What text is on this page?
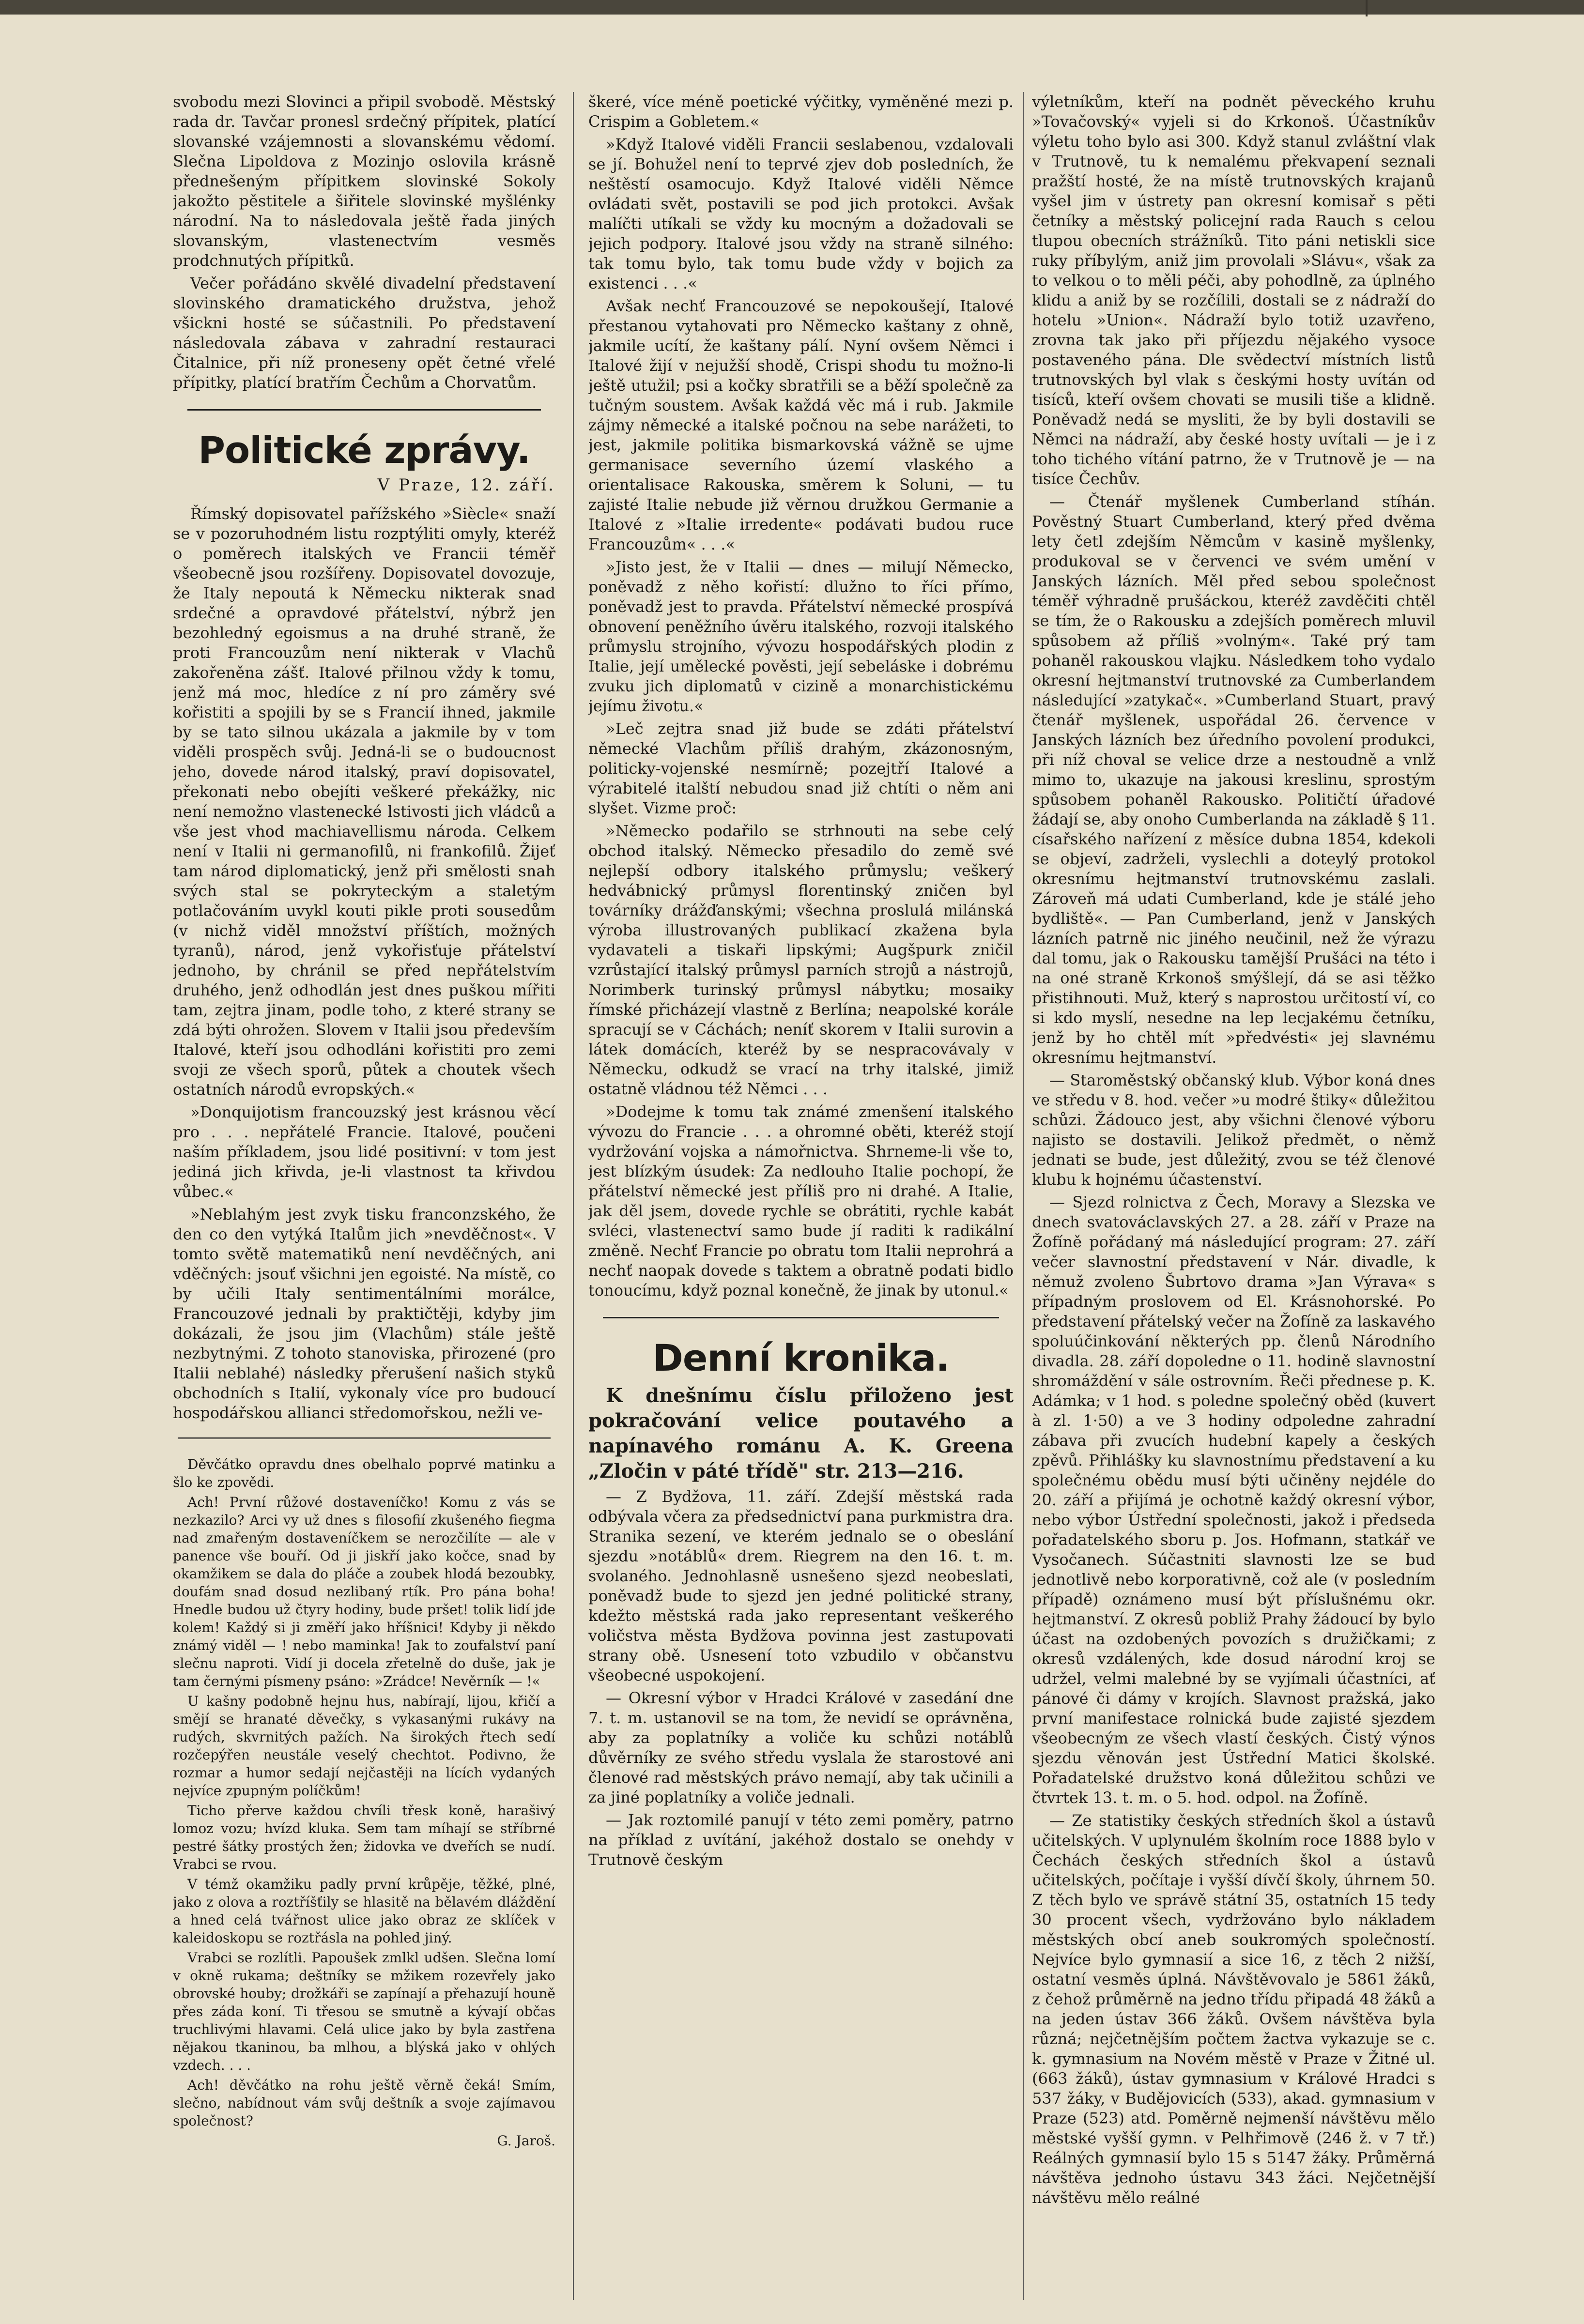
svobodu mezi Slovinci a připil svobodě. Městský rada dr. Tavčar pronesl srdečný přípitek, platící slovanské vzájemnosti a slovanskému vědomí. Slečna Lipoldova z Mozinjo oslovila krásně přednešeným přípitkem slovinské Sokoly jakožto pěstitele a šiřitele slovinské myšlénky národní. Na to následovala ještě řada jiných slovanským, vlastenectvím vesměs prodchnutých přípitků.

Večer pořádáno skvělé divadelní představení slovinského dramatického družstva, jehož všickni hosté se súčastnili. Po představení následovala zábava v zahradní restauraci Čitalnice, při níž proneseny opět četné vřelé přípitky, platící bratřím Čechům a Chorvatům.

Politické zprávy.
V Praze, 12. září.

Římský dopisovatel pařížského »Siècle« snaží se v pozoruhodném listu rozptýliti omyly, kteréž o poměrech italských ve Francii téměř všeobecně jsou rozšířeny. Dopisovatel dovozuje, že Italy nepoutá k Německu nikterak snad srdečné a opravdové přátelství, nýbrž jen bezohledný egoismus a na druhé straně, že proti Francouzům není nikterak v Vlachů zakořeněna zášť. Italové přilnou vždy k tomu, jenž má moc, hledíce z ní pro záměry své kořistiti a spojili by se s Francií ihned, jakmile by se tato silnou ukázala a jakmile by v tom viděli prospěch svůj. Jedná-li se o budoucnost jeho, dovede národ italský, praví dopisovatel, překonati nebo obejíti veškeré překážky, nic není nemožno vlastenecké lstivosti jich vládců a vše jest vhod machiavellismu národa. Celkem není v Italii ni germanofilů, ni frankofilů. Žijeť tam národ diplomatický, jenž při smělosti snah svých stal se pokryteckým a staletým potlačováním uvykl kouti pikle proti sousedům (v nichž viděl množství příštích, možných tyranů), národ, jenž vykořisťuje přátelství jednoho, by chránil se před nepřátelstvím druhého, jenž odhodlán jest dnes puškou mířiti tam, zejtra jinam, podle toho, z které strany se zdá býti ohrožen. Slovem v Italii jsou především Italové, kteří jsou odhodláni kořistiti pro zemi svoji ze všech sporů, půtek a choutek všech ostatních národů evropských.«

»Donquijotism francouzský jest krásnou věcí pro . . . nepřátelé Francie. Italové, poučeni naším příkladem, jsou lidé positivní: v tom jest jediná jich křivda, je-li vlastnost ta křivdou vůbec.«

»Neblahým jest zvyk tisku franconzského, že den co den vytýká Italům jich »nevděčnost«. V tomto světě matematiků není nevděčných, ani vděčných: jsouť všichni jen egoisté. Na místě, co by učili Italy sentimentálními morálce, Francouzové jednali by praktičtěji, kdyby jim dokázali, že jsou jim (Vlachům) stále ještě nezbytnými. Z tohoto stanoviska, přirozené (pro Italii neblahé) následky přerušení našich styků obchodních s Italií, vykonaly více pro budoucí hospodářskou allianci středomořskou, nežli ve-

Děvčátko opravdu dnes obelhalo poprvé matinku a šlo ke zpovědi.

Ach! První růžové dostaveníčko! Komu z vás se nezkazilo? Arci vy už dnes s filosofií zkušeného fiegma nad zmařeným dostaveníčkem se nerozčilíte — ale v panence vše bouří. Od ji jiskří jako kočce, snad by okamžikem se dala do pláče a zoubek hlodá bezoubky, doufám snad dosud nezlibaný rtík. Pro pána boha! Hnedle budou už čtyry hodiny, bude pršet! tolik lidí jde kolem! Každý si ji změří jako hříšnici! Kdyby ji někdo známý viděl — ! nebo maminka! Jak to zoufalství paní slečnu naproti. Vidí ji docela zřetelně do duše, jak je tam černými písmeny psáno: »Zrádce! Nevěrník — !«

U kašny podobně hejnu hus, nabírají, lijou, křičí a smějí se hranaté děvečky, s vykasanými rukávy na rudých, skvrnitých pažích. Na širokých řtech sedí rozčepýřen neustále veselý chechtot. Podivno, že rozmar a humor sedají nejčastěji na lících vydaných nejvíce zpupným políčkům!

Ticho přerve každou chvíli třesk koně, harašivý lomoz vozu; hvízd kluka. Sem tam míhají se stříbrné pestré šátky prostých žen; židovka ve dveřích se nudí. Vrabci se rvou.

V témž okamžiku padly první krůpěje, těžké, plné, jako z olova a roztříšťily se hlasitě na bělavém dláždění a hned celá tvářnost ulice jako obraz ze sklíček v kaleidoskopu se roztřásla na pohled jiný.

Vrabci se rozlítli. Papoušek zmlkl udšen. Slečna lomí v okně rukama; deštníky se mžikem rozevřely jako obrovské houby; drožkáři se zapínají a přehazují houně přes záda koní. Ti třesou se smutně a kývají občas truchlivými hlavami. Celá ulice jako by byla zastřena nějakou tkaninou, ba mlhou, a blýská jako v ohlých vzdech. . . .

Ach! děvčátko na rohu ještě věrně čeká! Smím, slečno, nabídnout vám svůj deštník a svoje zajímavou společnost?

G. Jaroš.

škeré, více méně poetické výčitky, vyměněné mezi p. Crispim a Gobletem.«

»Když Italové viděli Francii seslabenou, vzdalovali se jí. Bohužel není to teprvé zjev dob posledních, že neštěstí osamocujo. Když Italové viděli Němce ovládati svět, postavili se pod jich protokci. Avšak malíčti utíkali se vždy ku mocným a dožadovali se jejich podpory. Italové jsou vždy na straně silného: tak tomu bylo, tak tomu bude vždy v bojich za existenci . . .«

Avšak nechť Francouzové se nepokoušejí, Italové přestanou vytahovati pro Německo kaštany z ohně, jakmile ucítí, že kaštany pálí. Nyní ovšem Němci i Italové žijí v nejužší shodě, Crispi shodu tu možno-li ještě utužil; psi a kočky sbratřili se a běží společně za tučným soustem. Avšak každá věc má i rub. Jakmile zájmy německé a italské počnou na sebe narážeti, to jest, jakmile politika bismarkovská vážně se ujme germanisace severního území vlaského a orientalisace Rakouska, směrem k Soluni, — tu zajisté Italie nebude již věrnou družkou Germanie a Italové z »Italie irredente« podávati budou ruce Francouzům« . . .«

»Jisto jest, že v Italii — dnes — milují Německo, poněvadž z něho kořistí: dlužno to říci přímo, poněvadž jest to pravda. Přátelství německé prospívá obnovení peněžního úvěru italského, rozvoji italského průmyslu strojního, vývozu hospodářských plodin z Italie, její umělecké pověsti, její sebeláske i dobrému zvuku jich diplomatů v cizině a monarchistickému jejímu životu.«

»Leč zejtra snad již bude se zdáti přátelství německé Vlachům příliš drahým, zkázonosným, politicky-vojenské nesmírně; pozejtří Italové a výrabitelé italští nebudou snad již chtíti o něm ani slyšet. Vizme proč:

»Německo podařilo se strhnouti na sebe celý obchod italský. Německo přesadilo do země své nejlepší odbory italského průmyslu; veškerý hedvábnický průmysl florentinský zničen byl továrníky drážďanskými; všechna proslulá milánská výroba illustrovaných publikací zkažena byla vydavateli a tiskaři lipskými; Augšpurk zničil vzrůstající italský průmysl parních strojů a nástrojů, Norimberk turinský průmysl nábytku; mosaiky římské přicházejí vlastně z Berlína; neapolské korále spracují se v Cáchách; neníť skorem v Italii surovin a látek domácích, kteréž by se nespracovávaly v Německu, odkudž se vrací na trhy italské, jimiž ostatně vládnou též Němci . . .

»Dodejme k tomu tak známé zmenšení italského vývozu do Francie . . . a ohromné oběti, kteréž stojí vydržování vojska a námořnictva. Shrneme-li vše to, jest blízkým úsudek: Za nedlouho Italie pochopí, že přátelství německé jest příliš pro ni drahé. A Italie, jak děl jsem, dovede rychle se obrátiti, rychle kabát svléci, vlastenectví samo bude jí raditi k radikální změně. Nechť Francie po obratu tom Italii neprohrá a nechť naopak dovede s taktem a obratně podati bidlo tonoucímu, když poznal konečně, že jinak by utonul.«

Denní kronika.

K dnešnímu číslu přiloženo jest pokračování velice poutavého a napínavého románu A. K. Greena „Zločin v páté třídě" str. 213—216.

— Z Bydžova, 11. září. Zdejší městská rada odbývala včera za předsednictví pana purkmistra dra. Stranika sezení, ve kterém jednalo se o obeslání sjezdu »notáblů« drem. Riegrem na den 16. t. m. svolaného. Jednohlasně usnešeno sjezd neobeslati, poněvadž bude to sjezd jen jedné politické strany, kdežto městská rada jako representant veškerého voličstva města Bydžova povinna jest zastupovati strany obě. Usnesení toto vzbudilo v občanstvu všeobecné uspokojení.

— Okresní výbor v Hradci Králové v zasedání dne 7. t. m. ustanovil se na tom, že nevidí se oprávněna, aby za poplatníky a voliče ku schůzi notáblů důvěrníky ze svého středu vyslala že starostové ani členové rad městských právo nemají, aby tak učinili a za jiné poplatníky a voliče jednali.

— Jak roztomilé panují v této zemi poměry, patrno na příklad z uvítání, jakéhož dostalo se onehdy v Trutnově českým

výletníkům, kteří na podnět pěveckého kruhu »Tovačovský« vyjeli si do Krkonoš. Účastníkův výletu toho bylo asi 300. Když stanul zvláštní vlak v Trutnově, tu k nemalému překvapení seznali pražští hosté, že na místě trutnovských krajanů vyšel jim v ústrety pan okresní komisař s pěti četníky a městský policejní rada Rauch s celou tlupou obecních strážníků. Tito páni netiskli sice ruky příbylým, aniž jim provolali »Slávu«, však za to velkou o to měli péči, aby pohodlně, za úplného klidu a aniž by se rozčílili, dostali se z nádraží do hotelu »Union«. Nádraží bylo totiž uzavřeno, zrovna tak jako při příjezdu nějakého vysoce postaveného pána. Dle svědectví místních listů trutnovských byl vlak s českými hosty uvítán od tisíců, kteří ovšem chovati se musili tiše a klidně. Poněvadž nedá se mysliti, že by byli dostavili se Němci na nádraží, aby české hosty uvítali — je i z toho tichého vítání patrno, že v Trutnově je — na tisíce Čechův.

— Čtenář myšlenek Cumberland stíhán. Pověstný Stuart Cumberland, který před dvěma lety četl zdejším Němcům v kasině myšlenky, produkoval se v červenci ve svém umění v Janských lázních. Měl před sebou společnost téměř výhradně prušáckou, kteréž zavděčiti chtěl se tím, že o Rakousku a zdejších poměrech mluvil spůsobem až příliš »volným«. Také prý tam pohaněl rakouskou vlajku. Následkem toho vydalo okresní hejtmanství trutnovské za Cumberlandem následující »zatykač«. »Cumberland Stuart, pravý čtenář myšlenek, uspořádal 26. července v Janských lázních bez úředního povolení produkci, při níž choval se velice drze a nestoudně a vnlž mimo to, ukazuje na jakousi kreslinu, sprostým spůsobem pohaněl Rakousko. Političtí úřadové žádají se, aby onoho Cumberlanda na základě § 11. císařského nařízení z měsíce dubna 1854, kdekoli se objeví, zadrželi, vyslechli a doteylý protokol okresnímu hejtmanství trutnovskému zaslali. Zároveň má udati Cumberland, kde je stálé jeho bydliště«. — Pan Cumberland, jenž v Janských lázních patrně nic jiného neučinil, než že výrazu dal tomu, jak o Rakousku tamější Prušáci na této i na oné straně Krkonoš smýšlejí, dá se asi těžko přistihnouti. Muž, který s naprostou určitostí ví, co si kdo myslí, nesedne na lep lecjakému četníku, jenž by ho chtěl mít »předvésti« jej slavnému okresnímu hejtmanství.

— Staroměstský občanský klub. Výbor koná dnes ve středu v 8. hod. večer »u modré štiky« důležitou schůzi. Žádouco jest, aby všichni členové výboru najisto se dostavili. Jelikož předmět, o němž jednati se bude, jest důležitý, zvou se též členové klubu k hojnému účastenství.

— Sjezd rolnictva z Čech, Moravy a Slezska ve dnech svatováclavských 27. a 28. září v Praze na Žofíně pořádaný má následující program: 27. září večer slavnostní představení v Nár. divadle, k němuž zvoleno Šubrtovo drama »Jan Výrava« s případným proslovem od El. Krásnohorské. Po představení přátelský večer na Žofíně za laskavého spoluúčinkování některých pp. členů Národního divadla. 28. září dopoledne o 11. hodině slavnostní shromáždění v sále ostrovním. Řeči přednese p. K. Adámka; v 1 hod. s poledne společný oběd (kuvert à zl. 1·50) a ve 3 hodiny odpoledne zahradní zábava při zvucích hudební kapely a českých zpěvů. Přihlášky ku slavnostnímu představení a ku společnému obědu musí býti učiněny nejdéle do 20. září a přijímá je ochotně každý okresní výbor, nebo výbor Ústřední společnosti, jakož i předseda pořadatelského sboru p. Jos. Hofmann, statkář ve Vysočanech. Súčastniti slavnosti lze se buď jednotlivě nebo korporativně, což ale (v posledním případě) oznámeno musí být příslušnému okr. hejtmanství. Z okresů pobliž Prahy žádoucí by bylo účast na ozdobených povozích s družičkami; z okresů vzdálených, kde dosud národní kroj se udržel, velmi malebné by se vyjímali účastníci, ať pánové či dámy v krojích. Slavnost pražská, jako první manifestace rolnická bude zajisté sjezdem všeobecným ze všech vlastí českých. Čistý výnos sjezdu věnován jest Ústřední Matici školské. Pořadatelské družstvo koná důležitou schůzi ve čtvrtek 13. t. m. o 5. hod. odpol. na Žofíně.

— Ze statistiky českých středních škol a ústavů učitelských. V uplynulém školním roce 1888 bylo v Čechách českých středních škol a ústavů učitelských, počítaje i vyšší dívčí školy, úhrnem 50. Z těch bylo ve správě státní 35, ostatních 15 tedy 30 procent všech, vydržováno bylo nákladem městských obcí aneb soukromých společností. Nejvíce bylo gymnasií a sice 16, z těch 2 nižší, ostatní vesměs úplná. Návštěvovalo je 5861 žáků, z čehož průměrně na jedno třídu připadá 48 žáků a na jeden ústav 366 žáků. Ovšem návštěva byla různá; nejčetnějším počtem žactva vykazuje se c. k. gymnasium na Novém městě v Praze v Žitné ul. (663 žáků), ústav gymnasium v Králové Hradci s 537 žáky, v Budějovicích (533), akad. gymnasium v Praze (523) atd. Poměrně nejmenší návštěvu mělo městské vyšší gymn. v Pelhřimově (246 ž. v 7 tř.) Reálných gymnasií bylo 15 s 5147 žáky. Průměrná návštěva jednoho ústavu 343 žáci. Nejčetnější návštěvu mělo reálné
